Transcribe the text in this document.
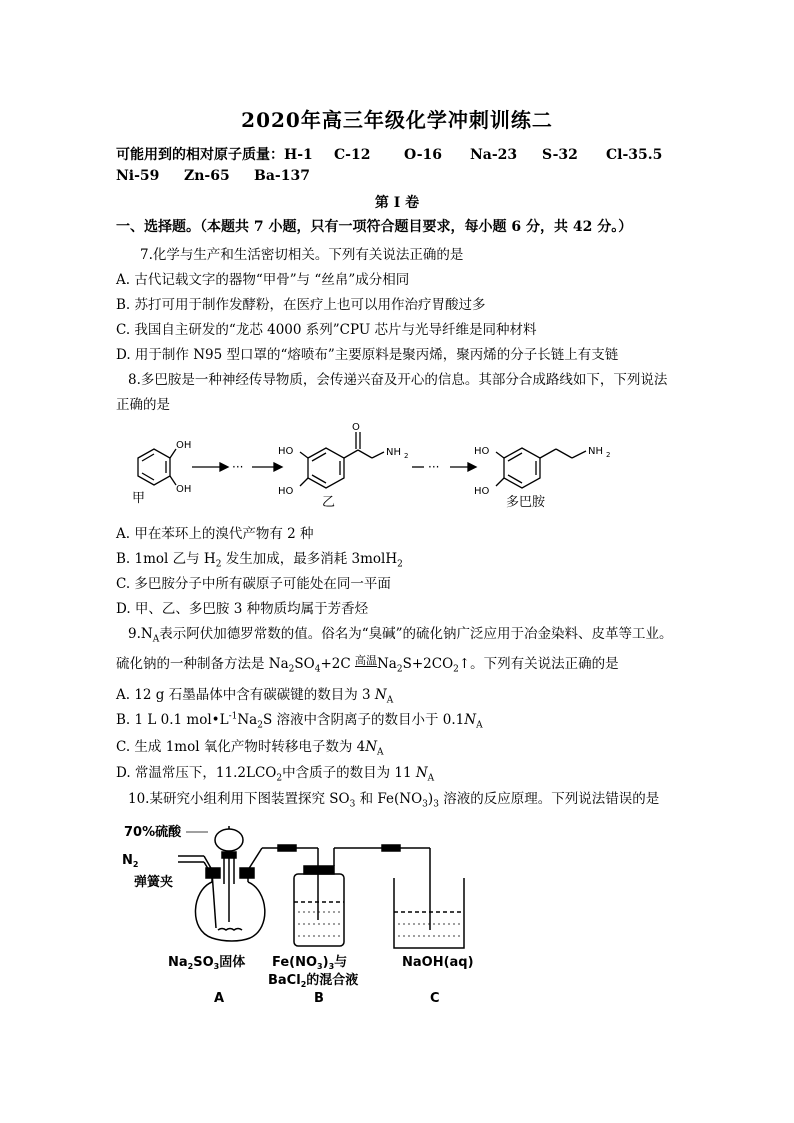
2020年高三年级化学冲刺训练二
可能用到的相对原子质量：H-1 C-12 O-16 Na-23 S-32 Cl-35.5
Ni-59 Zn-65 Ba-137
第 I 卷
一、选择题。（本题共 7 小题，只有一项符合题目要求，每小题 6 分，共 42 分。）
7.化学与生产和生活密切相关。下列有关说法正确的是
A. 古代记载文字的器物“甲骨”与 “丝帛”成分相同
B. 苏打可用于制作发酵粉，在医疗上也可以用作治疗胃酸过多
C. 我国自主研发的“龙芯 4000 系列”CPU 芯片与光导纤维是同种材料
D. 用于制作 N95 型口罩的“熔喷布”主要原料是聚丙烯，聚丙烯的分子长链上有支链
8.多巴胺是一种神经传导物质，会传递兴奋及开心的信息。其部分合成路线如下，下列说法
正确的是
OH
OH
甲
···
HO
HO
O
NH 2
乙
···
HO
HO
NH 2
多巴胺
A. 甲在苯环上的溴代产物有 2 种
B. 1mol 乙与 $H_2$ 发生加成，最多消耗 3molH$_2$
C. 多巴胺分子中所有碳原子可能处在同一平面
D. 甲、乙、多巴胺 3 种物质均属于芳香烃
$9.N_A$表示阿伏加德罗常数的值。俗名为“臭碱”的硫化钠广泛应用于冶金染料、皮革等工业。
硫化钠的一种制备方法是 $Na_2SO_4+2C$ 高温$Na_2S+2CO_2↑$。下列有关说法正确的是
A. 12 g 石墨晶体中含有碳碳键的数目为 3 $N_A$
B. 1 L 0.1 $mol•L^{-1}Na_2S$ 溶液中含阴离子的数目小于 $0.1N_A$
C. 生成 1mol 氧化产物时转移电子数为 $4N_A$
D. 常温常压下，$11.2LCO_2$中含质子的数目为 11 $N_A$
10.某研究小组利用下图装置探究 $SO_3$ 和 $Fe(NO_3)_3$ 溶液的反应原理。下列说法错误的是
70%硫酸
$N_2$
弹簧夹
$Na_2SO_3$固体 $Fe(NO_3)_3$与
BaCl$_2$的混合液
NaOH(aq)
A	B	C
